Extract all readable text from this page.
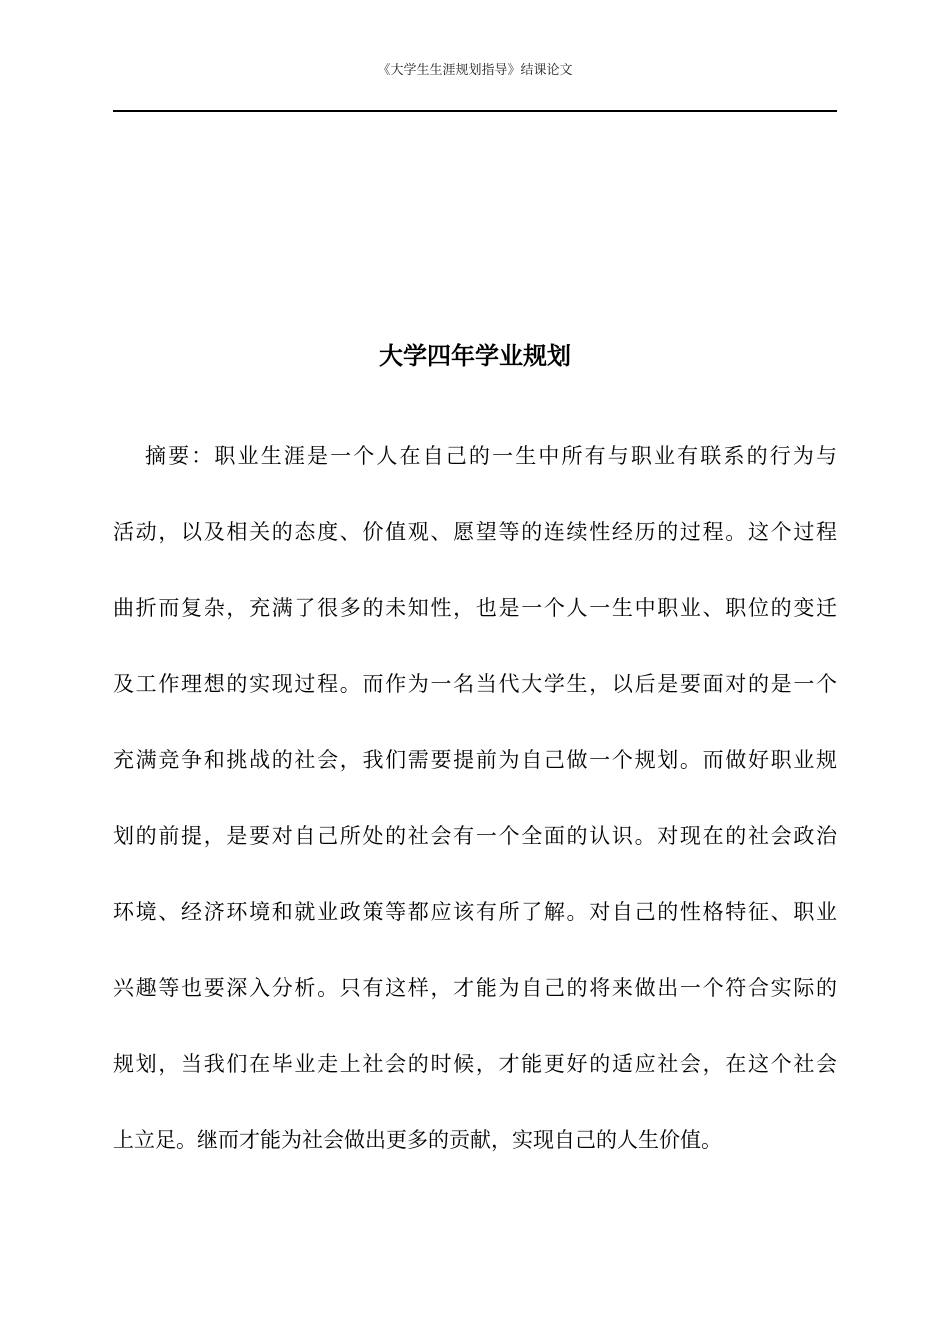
《大学生生涯规划指导》结课论文
大学四年学业规划
摘要：职业生涯是一个人在自己的一生中所有与职业有联系的行为与
活动，以及相关的态度、价值观、愿望等的连续性经历的过程。这个过程
曲折而复杂，充满了很多的未知性，也是一个人一生中职业、职位的变迁
及工作理想的实现过程。而作为一名当代大学生，以后是要面对的是一个
充满竞争和挑战的社会，我们需要提前为自己做一个规划。而做好职业规
划的前提，是要对自己所处的社会有一个全面的认识。对现在的社会政治
环境、经济环境和就业政策等都应该有所了解。对自己的性格特征、职业
兴趣等也要深入分析。只有这样，才能为自己的将来做出一个符合实际的
规划，当我们在毕业走上社会的时候，才能更好的适应社会，在这个社会
上立足。继而才能为社会做出更多的贡献，实现自己的人生价值。
